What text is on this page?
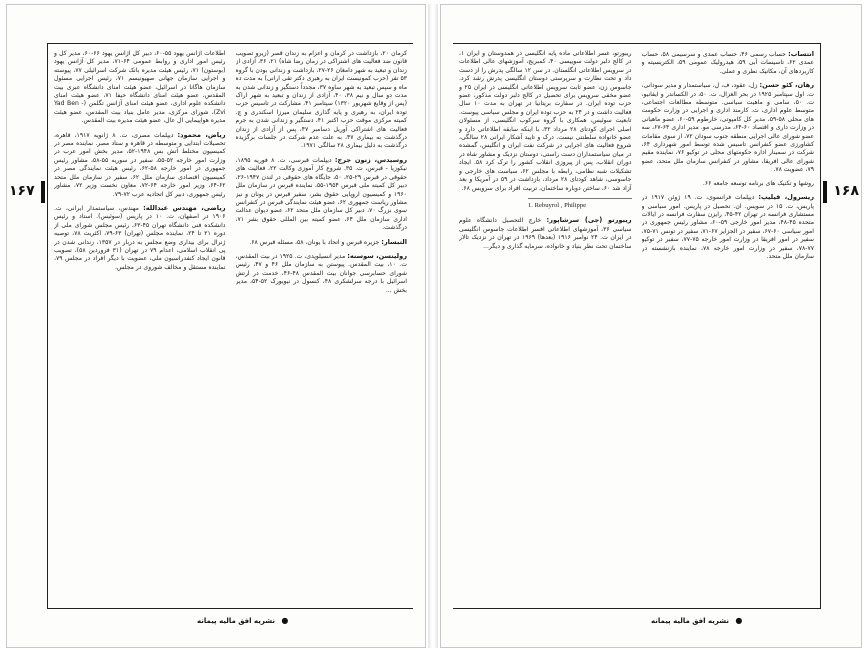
۱۶۷

کرمان ۲۰، بازداشت در کرمان و اعزام به زندان قصر (زیرو تصویب قانون ضد فعالیت های اشتراکی در زمان رضا شاه) ۲۱، ۳۶، آزادی از زندان و تبعید به شهر دامغان ۲۶-۲۷، بازداشت و زندانی بودن با گروه ۵۳ نفر (حزب کمونیست ایران به رهبری دکتر تقی ارانی) به مدت ده ماه و سپس تبعید به شهر ساوه ۳۷، مجدداً دستگیر و زندانی شدن به مدت دو سال و نیم ۳۸، ۴۰، آزادی از زندان و تبعید به شهر اراک (پس از وقایع شهریور ۱۳۲۰) سپتامبر ۴۱، مشارکت در تاسیس حزب توده ایران، به رهبری و پایه گذاری سلیمان میرزا اسکندری و چ. کمیته مرکزی موقت حزب اکتبر ۴۱، دستگیر و زندانی شدن به جرم فعالیت های اشتراکی آوریل دسامبر ۴۷، پس از آزادی از زندان درگذشت به بیماری ۴۷، به علت عدم شرکت در جلسات برگزیده درگذشت به دلیل بیماری ۲۸ سالگی ۱۹۷۱.

روسیدس، زنون جرج: دیپلمات قبرسی، ت. ۸ فوریه ۱۸۹۵، نیکوزیا - قبرس، ت. ۳۵. شروع کار آموزی وکالت ۲۲، فعالیت های حقوقی در قبرس ۲۹-۲۵، ۵۰، جایگاه های حقوقی در لندن ۱۹۴۷-۲۶، دبیر کل کمیته ملی قبرس ۱۹۵۴-۵۵، نماینده قبرس در سازمان ملل ۱۹۶۰ و کمیسیون اروپایی حقوق بشر، سفیر قبرس در یونان و نیز مشاور ریاست جمهوری ۶۲، عضو هیئت نمایندگی قبرس در کنفرانس سوی بزرگ ۷۰، دبیر کل سازمان ملل متحد ۶۲، عضو دیوان عدالت اداری سازمان ملل ۶۴، عضو کمیته بین المللی حقوق بشر ۷۱، درگذشت.

التبسار: جزیره قبرس و اتحاد با یونان، ۵۸، مسئله قبرس ۶۸.

رولینسن، سوسنه: مدیر انسیلوپدی، ت. ۱۹۲۵ در بیت المقدس، ت. ۱۰، بیت المقدس. پیوستن به سازمان ملل ۴۶ و ۴۷، رئیس شورای حسابرسی جوانان بیت المقدس ۴۸-۴۶، خدمت در ارتش اسرائیل با درجه سرلشکری ۴۸، کنسول در نیویورک ۵۲-۵۴، مدیر بخش ...

اطلاعات آژانس یهود ۵۵-۶۰، دبیر کل آژانس یهود ۶۶-۶۰، مدیر کل و رئیس امور اداری و روابط عمومی ۶۴-۷۱، مدیر کل آژانس یهود (بوستون) ۷۱، رئیس هیئت مدیره بانک شرکت اسرائیلی ۷۷، پیوسته و اجرایی سازمان جهانی صهیونیسم ۷۱، رئیس اجرایی مسئول سازمان هاگانا در اسرائیل، عضو هیئت امنای دانشگاه عبری بیت المقدس، عضو هیئت امنای دانشگاه حیفا ۷۱، عضو هیئت امنای دانشکده علوم اداری، عضو هیئت امنای آژانس تگلمن (Yad Ben - Zvi)، شورای مرکزی، مدیر عامل بنیاد بیت المقدس، عضو هیئت مدیره هواپیمایی ال عال، عضو هیئت مدیره بیت المقدس.

ریاض، محمود: دیپلمات مصری، ت. ۸ ژانویه ۱۹۱۷، قاهره، تحصیلات ابتدایی و متوسطه در قاهره و ستاد مصر. نماینده مصر در کمیسیون مختلط آتش بس ۱۹۴۸-۵۲، مدیر بخش امور عرب در وزارت امور خارجه ۵۲-۵۵، سفیر در سوریه ۵۵-۵۸، مشاور رئیس جمهوری در امور خارجه ۵۸-۶۲، رئیس هیئت نمایندگی مصر در کمیسیون اقتصادی سازمان ملل ۶۲، سفیر در سازمان ملل متحد ۶۲-۶۴، وزیر امور خارجه ۶۴-۷۲، معاون نخست وزیر ۷۲، مشاور رئیس جمهوری، دبیر کل اتحادیه عرب ۷۲-۷۹.

ریاضی، مهندس عبدالله: مهندس، سیاستمدار ایرانی، ت. ۱۹۰۶ در اصفهان، ت. ۱۰ در پاریس (سوئیس). استاد و رئیس دانشکده فنی دانشگاه تهران ۴۵-۶۳، رئیس مجلس شورای ملی از دوره ۲۱ تا ۲۴، نماینده مجلس (تهران) ۶۳-۷۹، اکثریت ۷۸، توصیه ژنرال برای بیداری وضع مجلس به دربار در ۱۳۵۷، زندانی شدن در پی انقلاب اسلامی، اعدام ۷۹ در تهران (۳۱ فروردین ۵۸)، تصویب قانون ایجاد کنفدراسیون ملی، عضویت با دیگر افراد در مجلس ۷۹، نماینده مستقل و مخالف شوروی در مجلس.

● نشریه افق مالیه پیمانه
۱۶۸

انتساب: حساب رسمی ۴۶، حساب عمدی و سرسیمی ۵۸، حساب عمدی ۶۲، تاسیسات آبی ۵۹، هیدرولیک عمومی ۵۹، الکتریسیته و کاربردهای آن، مکانیک نظری و عملی.

رهان، کئو حسن: زل، عقود، ف، ل، سیاستمدار و مدیر سودانی، ت. اول سپتامبر ۱۹۲۵ در بحر الغزال، ت. ۵۰، در الکساندر و ایفانیو، ت. ۵۰، سامی و ماهیت سیاسی. متوسطه مطالعات اجتماعی، متوسط علوم اداری، ث. کارمند اداری و اجرایی در وزارت حکومت های محلی ۵۸-۵۹، مدیر کل کامپوتی، خارطوم ۵۹-۶۰، عضو ماهیانی در وزارت داری و اقتصاد ۶۰-۶۴، مدرسی مو. مدیر اداری ۶۴-۶۷، سه عضو شورای عالی اجرایی منطقه جنوب سودان ۷۲، از سوی مقامات کشاورزی عضو کنفرانس تاسیس شده توسط امور شهرداری ۶۴، شرکت در سمینار اداره حکومتهای محلی در توکیو ۷۶، نماینده مقیم شورای عالی افریقا، مشاور در کنفرانس سازمان ملل متحد، عضو ۷۹، عضویت ۷۸.

روشها و تکنیک های برنامه توسعه جامعه ۶۶.

ریسرول، فیلیپ: دیپلمات فرانسوی، ت. ۱۹ ژوئن ۱۹۱۷ در پاریس، ت. ۱۵ در سویس. ان. تحصیل در پاریس. امور سیاسی و مستشاری فرانسه در تهران ۴۲-۴۵، رایزن سفارت فرانسه در ایالات متحده ۴۵-۴۸، مدیر امور خارجی ۵۹-۶۰، مشاور رئیس جمهوری در امور سیاسی ۶۰-۶۷، سفیر در الجزایر ۶۷-۷۱، سفیر در تونس ۷۱-۷۵، سفیر در امور افریقا در وزارت امور خارجه ۷۵-۷۷، سفیر در توکیو ۷۷-۷۸، سفیر در وزارت امور خارجه ۷۸، نماینده بازنشسته در سازمان ملل متحد.

ریبورتو، غسر اطلاعاتی ماده پایه انگلیسی در همدوستان و ایران ۱، در کالج دلبر دولت سوییسی ۴۰، کمبریج، آموزشهای عالی اطلاعات در سرویس اطلاعاتی انگلستان. در سن ۱۲ سالگی پدرش را از دست داد و تحت نظارت و سرپرستی دوستان انگلیسی پدرش رشد کرد. جاسوس زن، عضو ثابت سرویس اطلاعاتی انگلیسی در ایران ۲۵ و عضو مخفی سرویس برای تحصیل در کالج دلبر دولت مذکور، عضو حزب توده ایران. در سفارت بریتانیا در تهران به مدت ۱۰ سال فعالیت داشت و در ۲۴ به حزب توده ایران و مجلس سیاسی پیوست. تابعیت سوئیس، همکاری با گروه سرکوب انگلیسی، از مسئولان اصلی اجرای کودتای ۲۸ مرداد ۳۲، با اینکه سابقه اطلاعاتی دارد و عضو خانواده سلطنتی نیست. درک و تایید آشکار ایرانی ۲۸ سالگی، شروع فعالیت های اجرایی در شرکت نفت ایران و انگلیس، گمشده در میان سیاستمداران دست راستی، دوستان نزدیک و مشاور شاه در دوران انقلاب، پس از پیروزی انقلاب کشور را ترک کرد ۵۸. ایجاد تشکیلات شبه نظامی، رابطه با مجلس ۶۲، سیاست های خارجی و جاسوسی، شاهد کودتای ۲۸ مرداد، بازداشت در ۵۹ در آمریکا و بعد آزاد شد ۶۰، ساختن دوباره ساختمان، تربیت افراد برای سرویس ۶۸.

1. Rebuyrol , Philippe

ریبورتو (جی) سرشاپور: خارج التحصیل دانشگاه علوم سیاسی ۳۶، آموزشهای اطلاعاتی افسر اطلاعات جاسوس انگلیسی در ایران ت. ۲۴ نوامبر ۱۹۱۶ (بعدها) ۱۹۶۹ در تهران در نزدیک تالار ساختمان تحت نظر بنیاد و خانواده، سرمایه گذاری و دیگر...

● نشریه افق مالیه پیمانه
